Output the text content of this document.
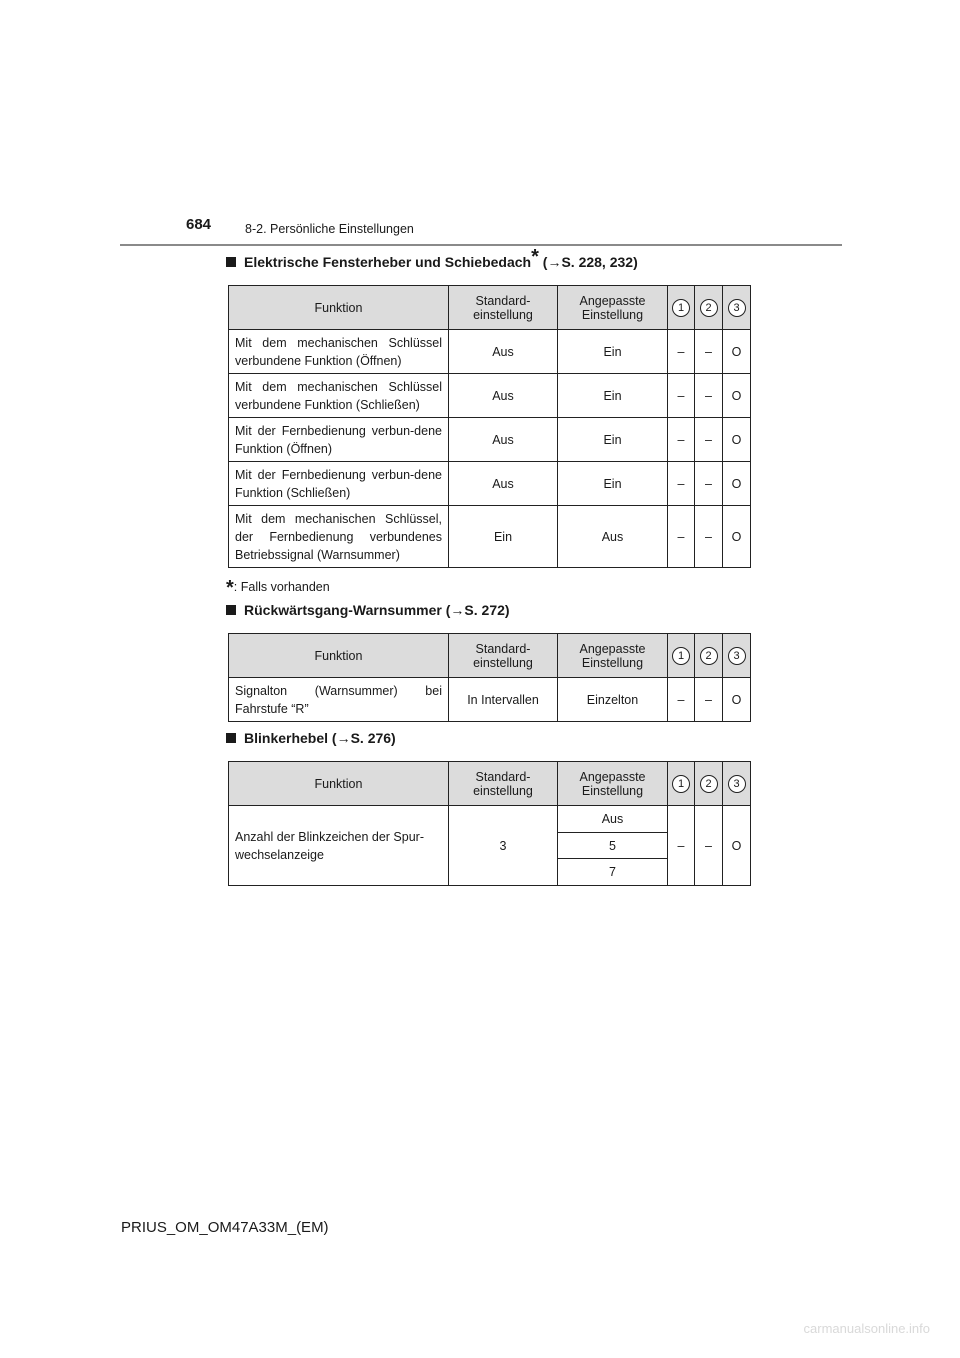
684	8-2. Persönliche Einstellungen
Elektrische Fensterheber und Schiebedach* (→S. 228, 232)
Funktion	Standard-einstellung	Angepasste Einstellung	1	2	3
Mit dem mechanischen Schlüssel verbundene Funktion (Öffnen)	Aus	Ein	–	–	O
Mit dem mechanischen Schlüssel verbundene Funktion (Schließen)	Aus	Ein	–	–	O
Mit der Fernbedienung verbun-dene Funktion (Öffnen)	Aus	Ein	–	–	O
Mit der Fernbedienung verbun-dene Funktion (Schließen)	Aus	Ein	–	–	O
Mit dem mechanischen Schlüssel, der Fernbedienung verbundenes Betriebssignal (Warnsummer)	Ein	Aus	–	–	O
*: Falls vorhanden
Rückwärtsgang-Warnsummer (→S. 272)
Funktion	Standard-einstellung	Angepasste Einstellung	1	2	3
Signalton (Warnsummer) bei Fahrstufe “R”	In Intervallen	Einzelton	–	–	O
Blinkerhebel (→S. 276)
Funktion	Standard-einstellung	Angepasste Einstellung	1	2	3
Anzahl der Blinkzeichen der Spur-wechselanzeige	3	Aus	–	–	O
		5			
		7			
PRIUS_OM_OM47A33M_(EM)
carmanualsonline.info
